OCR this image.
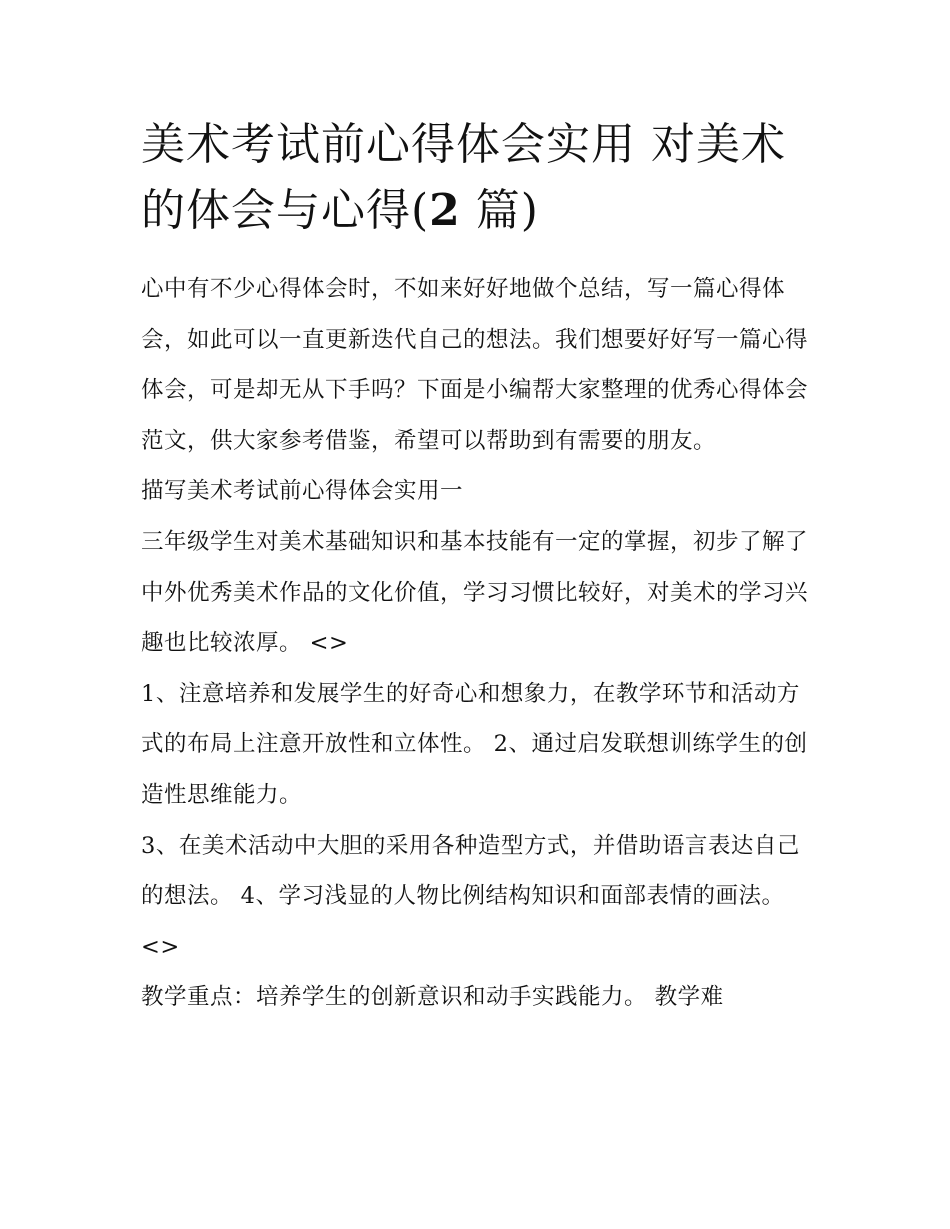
美术考试前心得体会实用 对美术的体会与心得(2 篇)

心中有不少心得体会时，不如来好好地做个总结，写一篇心得体会，如此可以一直更新迭代自己的想法。我们想要好好写一篇心得体会，可是却无从下手吗？下面是小编帮大家整理的优秀心得体会范文，供大家参考借鉴，希望可以帮助到有需要的朋友。

描写美术考试前心得体会实用一

三年级学生对美术基础知识和基本技能有一定的掌握，初步了解了中外优秀美术作品的文化价值，学习习惯比较好，对美术的学习兴趣也比较浓厚。 <>

1、注意培养和发展学生的好奇心和想象力，在教学环节和活动方式的布局上注意开放性和立体性。 2、通过启发联想训练学生的创造性思维能力。

3、在美术活动中大胆的采用各种造型方式，并借助语言表达自己的想法。 4、学习浅显的人物比例结构知识和面部表情的画法。 <>

教学重点：培养学生的创新意识和动手实践能力。 教学难
